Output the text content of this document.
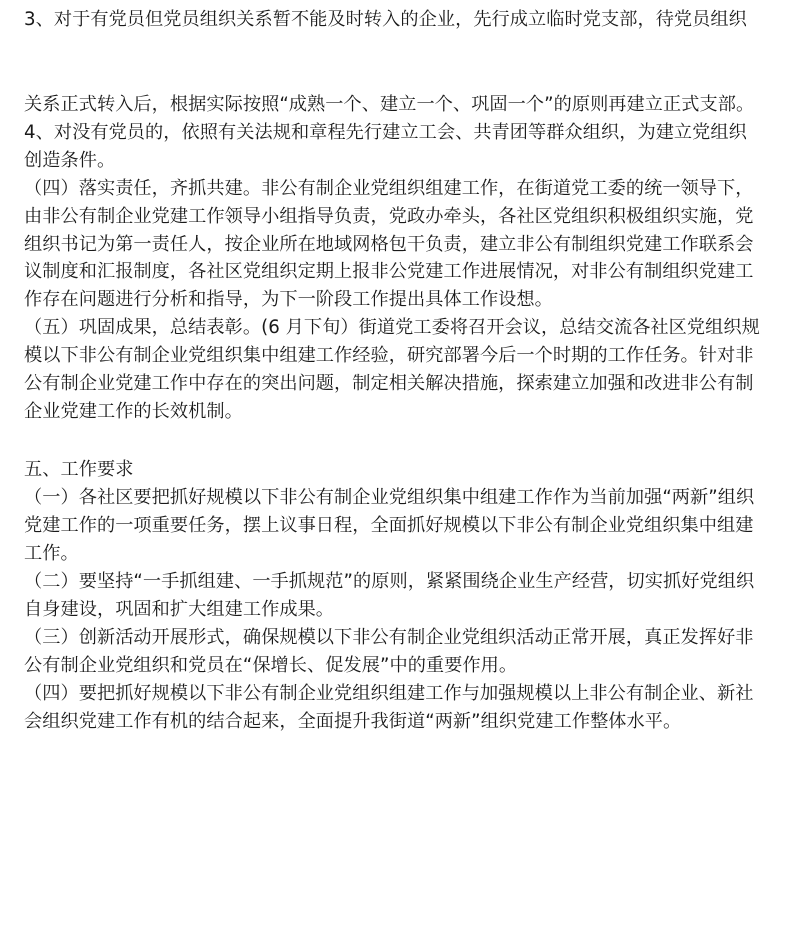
3、对于有党员但党员组织关系暂不能及时转入的企业，先行成立临时党支部，待党员组织
关系正式转入后，根据实际按照“成熟一个、建立一个、巩固一个”的原则再建立正式支部。
4、对没有党员的，依照有关法规和章程先行建立工会、共青团等群众组织，为建立党组织
创造条件。
（四）落实责任，齐抓共建。非公有制企业党组织组建工作，在街道党工委的统一领导下，
由非公有制企业党建工作领导小组指导负责，党政办牵头，各社区党组织积极组织实施，党
组织书记为第一责任人，按企业所在地域网格包干负责，建立非公有制组织党建工作联系会
议制度和汇报制度，各社区党组织定期上报非公党建工作进展情况，对非公有制组织党建工
作存在问题进行分析和指导，为下一阶段工作提出具体工作设想。
（五）巩固成果，总结表彰。(6 月下旬）街道党工委将召开会议，总结交流各社区党组织规
模以下非公有制企业党组织集中组建工作经验，研究部署今后一个时期的工作任务。针对非
公有制企业党建工作中存在的突出问题，制定相关解决措施，探索建立加强和改进非公有制
企业党建工作的长效机制。
五、工作要求
（一）各社区要把抓好规模以下非公有制企业党组织集中组建工作作为当前加强“两新”组织
党建工作的一项重要任务，摆上议事日程，全面抓好规模以下非公有制企业党组织集中组建
工作。
（二）要坚持“一手抓组建、一手抓规范”的原则，紧紧围绕企业生产经营，切实抓好党组织
自身建设，巩固和扩大组建工作成果。
（三）创新活动开展形式，确保规模以下非公有制企业党组织活动正常开展，真正发挥好非
公有制企业党组织和党员在“保增长、促发展”中的重要作用。
（四）要把抓好规模以下非公有制企业党组织组建工作与加强规模以上非公有制企业、新社
会组织党建工作有机的结合起来，全面提升我街道“两新”组织党建工作整体水平。
